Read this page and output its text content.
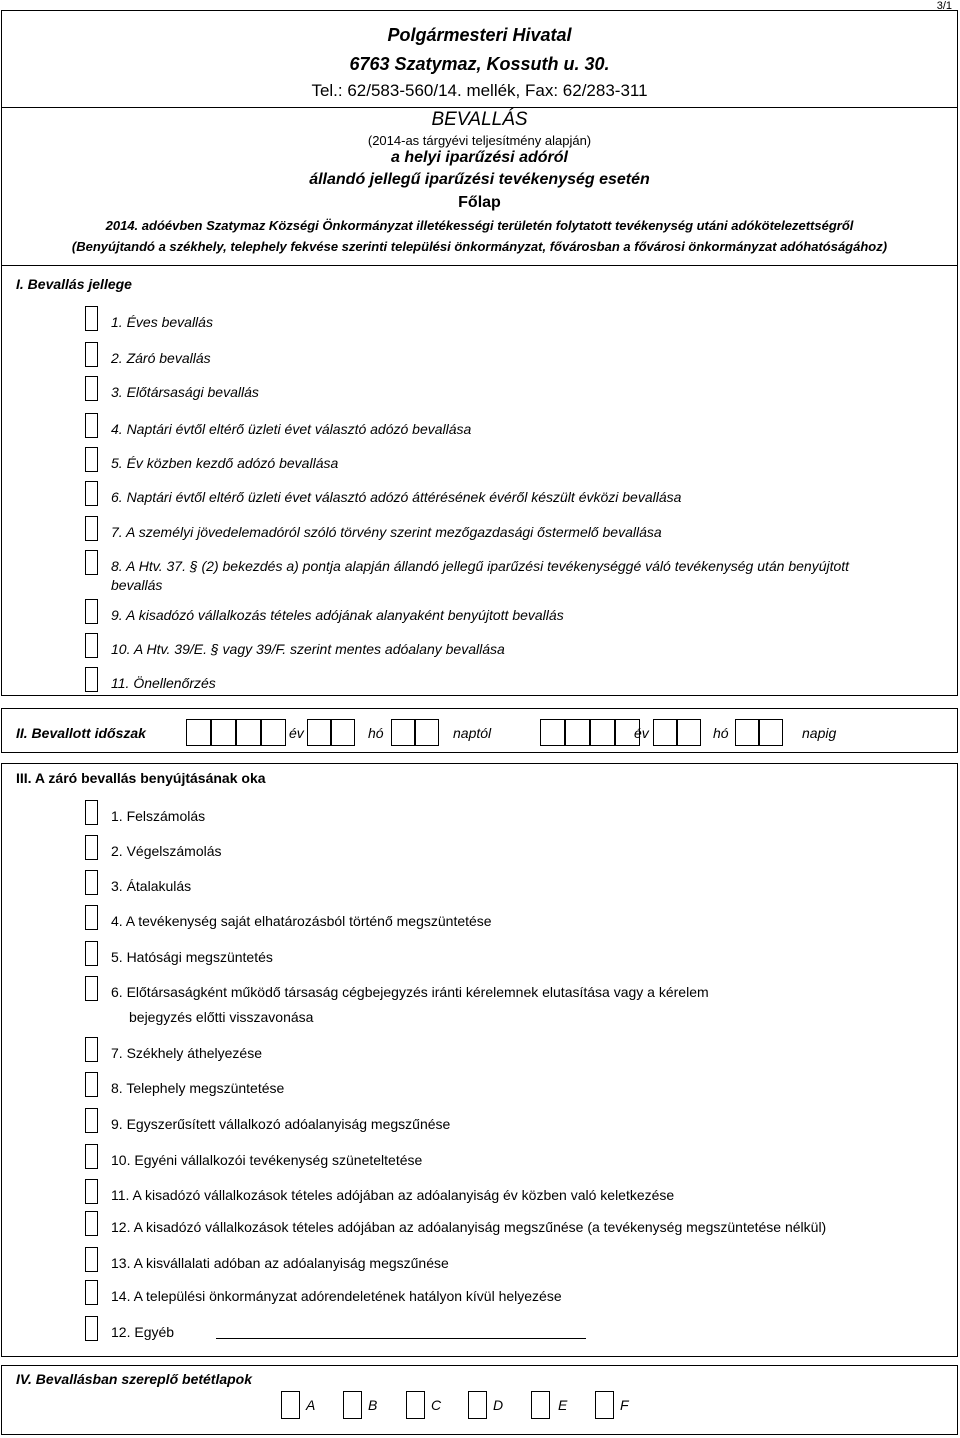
3/1
Polgármesteri Hivatal
6763 Szatymaz, Kossuth u. 30.
Tel.: 62/583-560/14. mellék, Fax: 62/283-311
BEVALLÁS
(2014-as tárgyévi teljesítmény alapján)
a helyi iparűzési adóról
állandó jellegű iparűzési tevékenység esetén
Főlap
2014. adóévben Szatymaz Községi Önkormányzat illetékességi területén folytatott tevékenység utáni adókötelezettségről
(Benyújtandó a székhely, telephely fekvése szerinti települési önkormányzat, fővárosban a fővárosi önkormányzat adóhatóságához)
I. Bevallás jellege
1. Éves bevallás
2. Záró bevallás
3. Előtársasági bevallás
4. Naptári évtől eltérő üzleti évet választó adózó bevallása
5. Év közben kezdő adózó bevallása
6. Naptári évtől eltérő üzleti évet választó adózó áttérésének évéről készült évközi bevallása
7. A személyi jövedelemadóról szóló törvény szerint mezőgazdasági őstermelő bevallása
8. A Htv. 37. § (2) bekezdés a) pontja alapján állandó jellegű iparűzési tevékenységgé váló tevékenység után benyújtott
bevallás
9. A kisadózó vállalkozás tételes adójának alanyaként benyújtott bevallás
10. A Htv. 39/E. § vagy 39/F. szerint mentes adóalany bevallása
11. Önellenőrzés
II. Bevallott időszak	év	hó	naptól	év	hó	napig
III. A záró bevallás benyújtásának oka
1. Felszámolás
2. Végelszámolás
3. Átalakulás
4. A tevékenység saját elhatározásból történő megszüntetése
5. Hatósági megszüntetés
6. Előtársaságként működő társaság cégbejegyzés iránti kérelemnek elutasítása vagy a kérelem
bejegyzés előtti visszavonása
7. Székhely áthelyezése
8. Telephely megszüntetése
9. Egyszerűsített vállalkozó adóalanyiság megszűnése
10. Egyéni vállalkozói tevékenység szüneteltetése
11. A kisadózó vállalkozások tételes adójában az adóalanyiság év közben való keletkezése
12. A kisadózó vállalkozások tételes adójában az adóalanyiság megszűnése (a tevékenység megszüntetése nélkül)
13. A kisvállalati adóban az adóalanyiság megszűnése
14. A települési önkormányzat adórendeletének hatályon kívül helyezése
12. Egyéb
IV. Bevallásban szereplő betétlapok
A	B	C	D	E	F
